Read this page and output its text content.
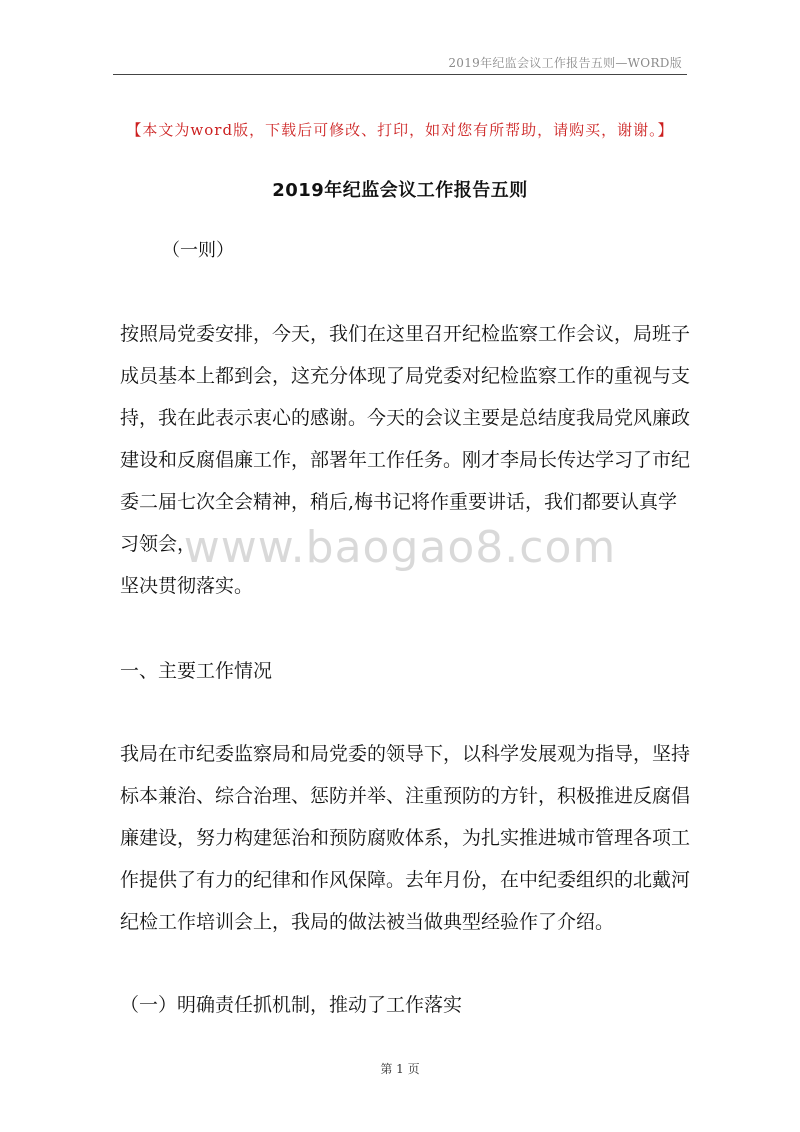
2019年纪监会议工作报告五则—WORD版
【本文为word版，下载后可修改、打印，如对您有所帮助，请购买，谢谢。】
2019年纪监会议工作报告五则
（一则）
按照局党委安排，今天，我们在这里召开纪检监察工作会议，局班子
成员基本上都到会，这充分体现了局党委对纪检监察工作的重视与支
持，我在此表示衷心的感谢。今天的会议主要是总结度我局党风廉政
建设和反腐倡廉工作，部署年工作任务。刚才李局长传达学习了市纪
委二届七次全会精神，稍后,梅书记将作重要讲话，我们都要认真学
习领会，
坚决贯彻落实。
www.baogao8.com
一、主要工作情况
我局在市纪委监察局和局党委的领导下，以科学发展观为指导，坚持
标本兼治、综合治理、惩防并举、注重预防的方针，积极推进反腐倡
廉建设，努力构建惩治和预防腐败体系，为扎实推进城市管理各项工
作提供了有力的纪律和作风保障。去年月份，在中纪委组织的北戴河
纪检工作培训会上，我局的做法被当做典型经验作了介绍。
（一）明确责任抓机制，推动了工作落实
第 1 页
